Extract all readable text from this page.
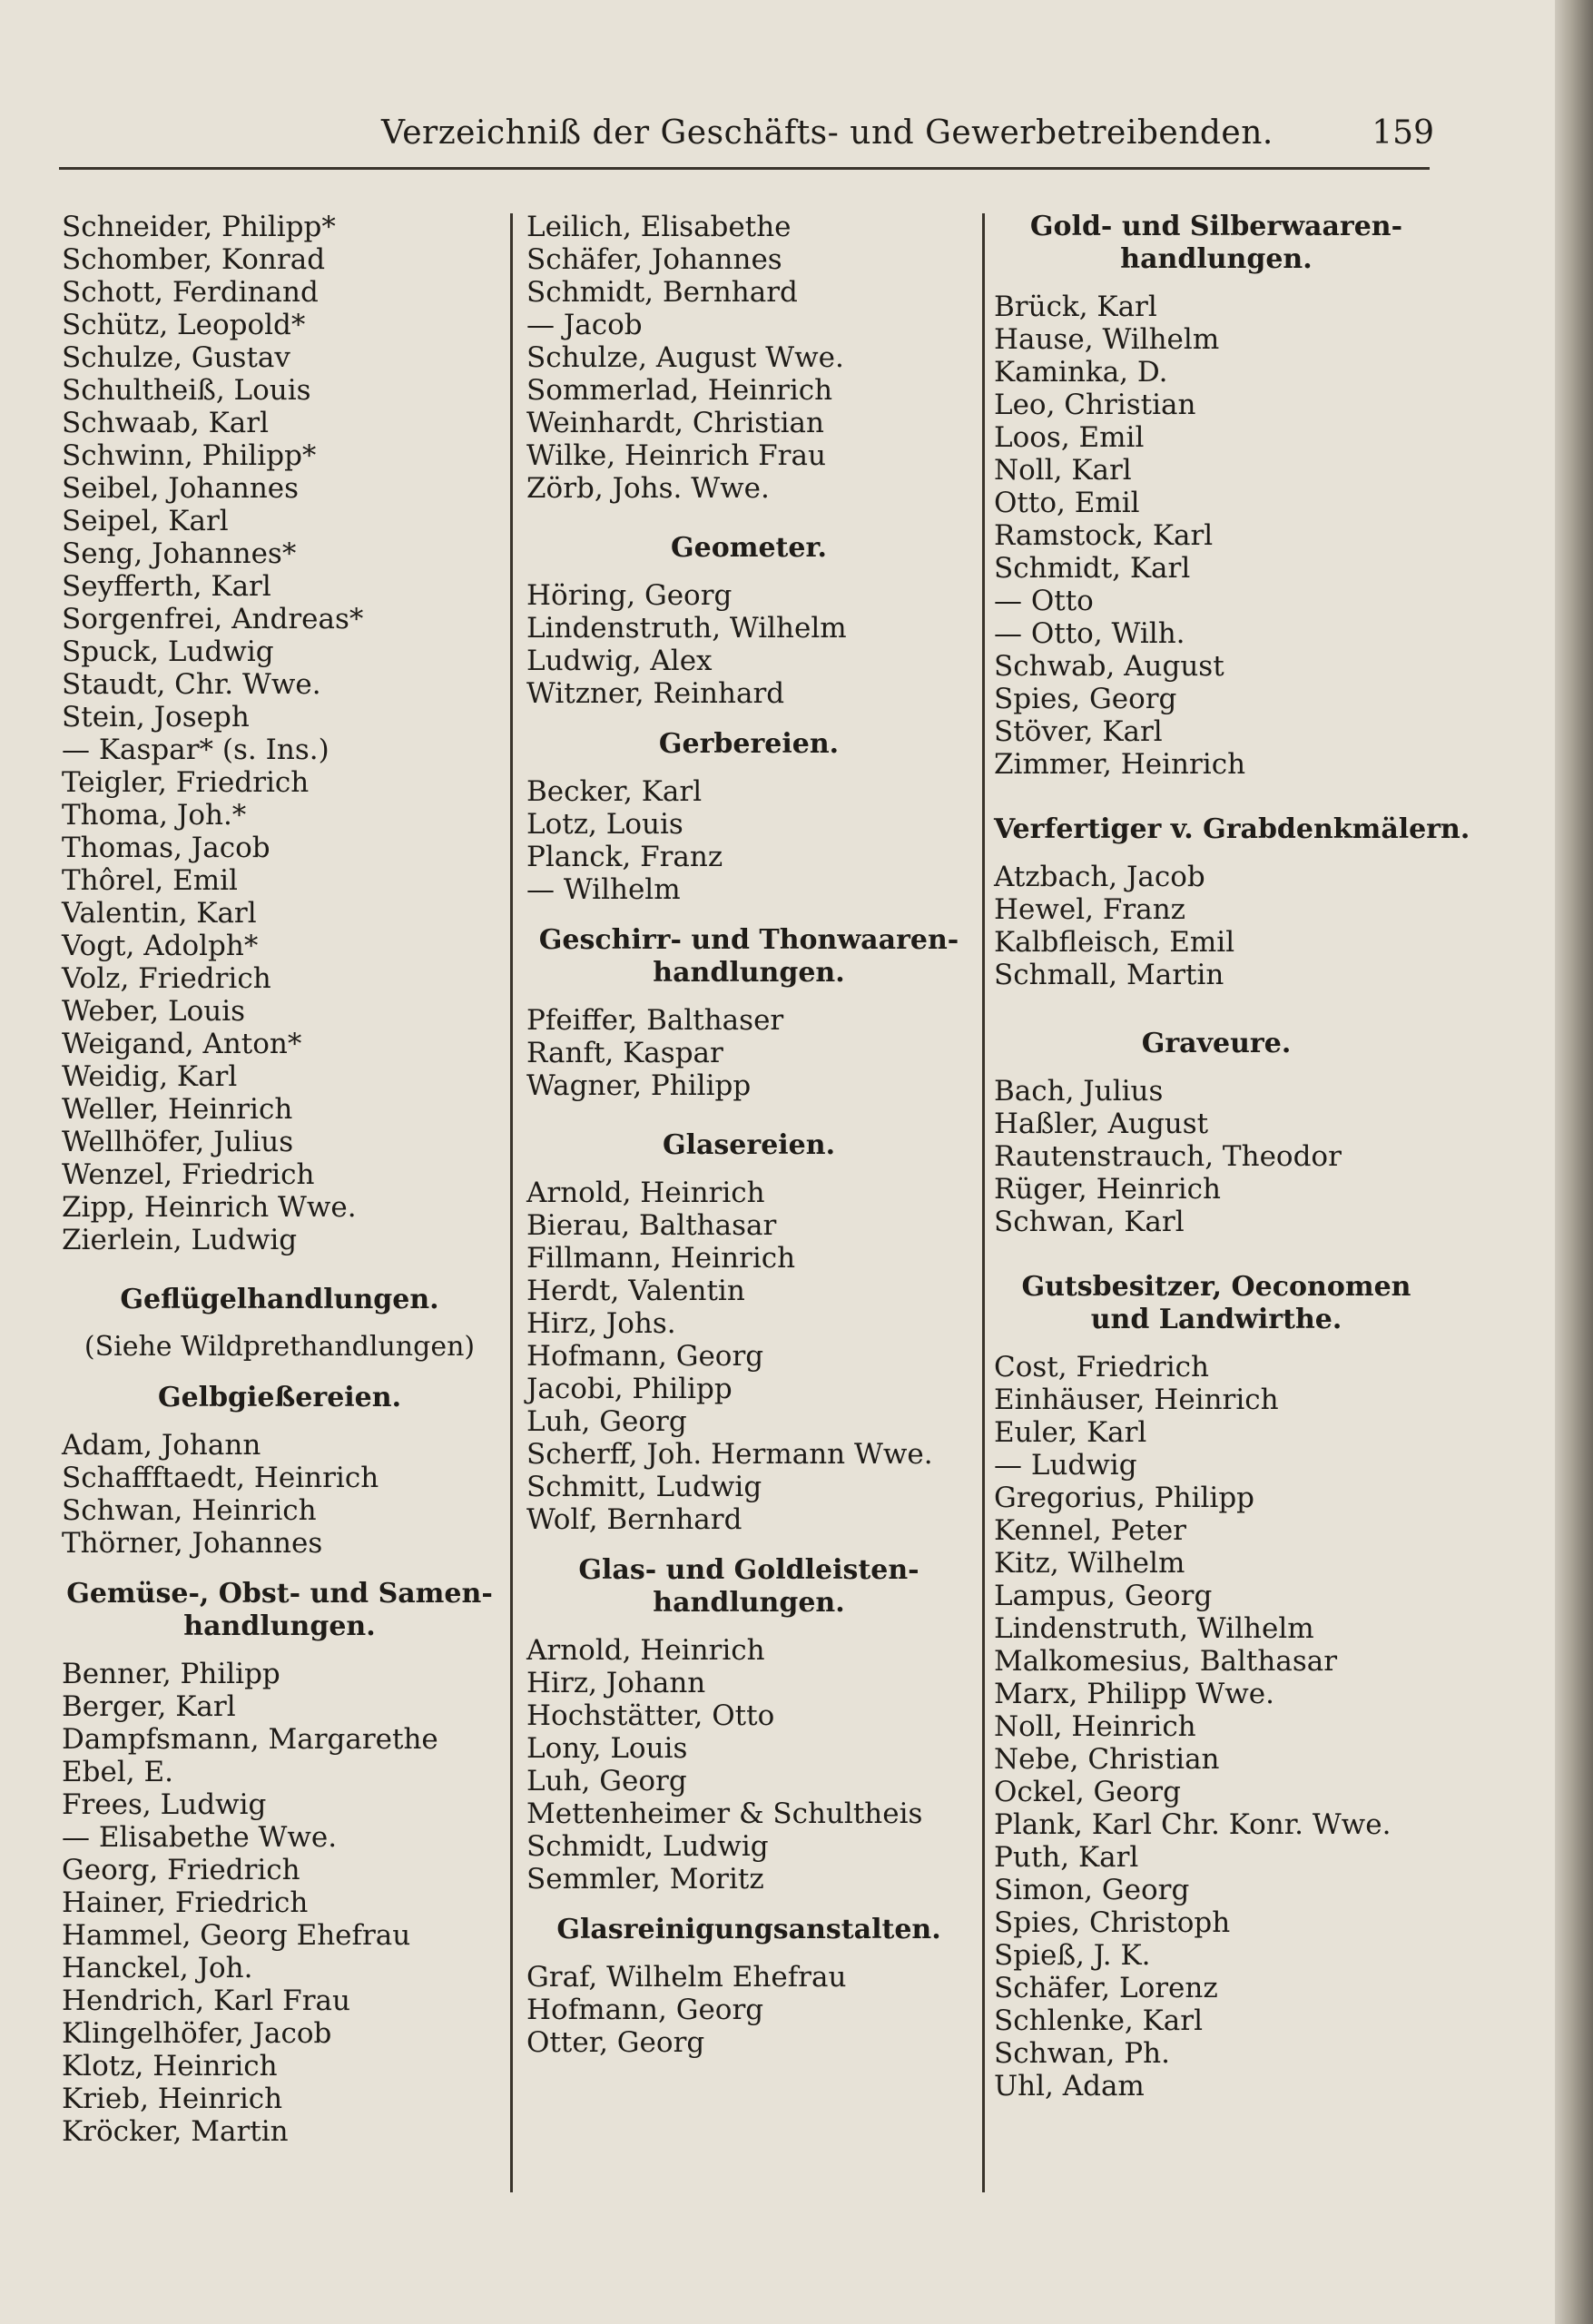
Verzeichniß der Geschäfts- und Gewerbetreibenden.	159
Schneider, Philipp*
Schomber, Konrad
Schott, Ferdinand
Schütz, Leopold*
Schulze, Gustav
Schultheiß, Louis
Schwaab, Karl
Schwinn, Philipp*
Seibel, Johannes
Seipel, Karl
Seng, Johannes*
Seyfferth, Karl
Sorgenfrei, Andreas*
Spuck, Ludwig
Staudt, Chr. Wwe.
Stein, Joseph
— Kaspar* (s. Ins.)
Teigler, Friedrich
Thoma, Joh.*
Thomas, Jacob
Thôrel, Emil
Valentin, Karl
Vogt, Adolph*
Volz, Friedrich
Weber, Louis
Weigand, Anton*
Weidig, Karl
Weller, Heinrich
Wellhöfer, Julius
Wenzel, Friedrich
Zipp, Heinrich Wwe.
Zierlein, Ludwig
Geflügelhandlungen.
(Siehe Wildprethandlungen)
Gelbgießereien.
Adam, Johann
Schaffftaedt, Heinrich
Schwan, Heinrich
Thörner, Johannes
Gemüse-, Obst- und Samen-
handlungen.
Benner, Philipp
Berger, Karl
Dampfsmann, Margarethe
Ebel, E.
Frees, Ludwig
— Elisabethe Wwe.
Georg, Friedrich
Hainer, Friedrich
Hammel, Georg Ehefrau
Hanckel, Joh.
Hendrich, Karl Frau
Klingelhöfer, Jacob
Klotz, Heinrich
Krieb, Heinrich
Kröcker, Martin
Leilich, Elisabethe
Schäfer, Johannes
Schmidt, Bernhard
— Jacob
Schulze, August Wwe.
Sommerlad, Heinrich
Weinhardt, Christian
Wilke, Heinrich Frau
Zörb, Johs. Wwe.
Geometer.
Höring, Georg
Lindenstruth, Wilhelm
Ludwig, Alex
Witzner, Reinhard
Gerbereien.
Becker, Karl
Lotz, Louis
Planck, Franz
— Wilhelm
Geschirr- und Thonwaaren-
handlungen.
Pfeiffer, Balthaser
Ranft, Kaspar
Wagner, Philipp
Glasereien.
Arnold, Heinrich
Bierau, Balthasar
Fillmann, Heinrich
Herdt, Valentin
Hirz, Johs.
Hofmann, Georg
Jacobi, Philipp
Luh, Georg
Scherff, Joh. Hermann Wwe.
Schmitt, Ludwig
Wolf, Bernhard
Glas- und Goldleisten-
handlungen.
Arnold, Heinrich
Hirz, Johann
Hochstätter, Otto
Lony, Louis
Luh, Georg
Mettenheimer & Schultheis
Schmidt, Ludwig
Semmler, Moritz
Glasreinigungsanstalten.
Graf, Wilhelm Ehefrau
Hofmann, Georg
Otter, Georg
Gold- und Silberwaaren-
handlungen.
Brück, Karl
Hause, Wilhelm
Kaminka, D.
Leo, Christian
Loos, Emil
Noll, Karl
Otto, Emil
Ramstock, Karl
Schmidt, Karl
— Otto
— Otto, Wilh.
Schwab, August
Spies, Georg
Stöver, Karl
Zimmer, Heinrich
Verfertiger v. Grabdenkmälern.
Atzbach, Jacob
Hewel, Franz
Kalbfleisch, Emil
Schmall, Martin
Graveure.
Bach, Julius
Haßler, August
Rautenstrauch, Theodor
Rüger, Heinrich
Schwan, Karl
Gutsbesitzer, Oeconomen
und Landwirthe.
Cost, Friedrich
Einhäuser, Heinrich
Euler, Karl
— Ludwig
Gregorius, Philipp
Kennel, Peter
Kitz, Wilhelm
Lampus, Georg
Lindenstruth, Wilhelm
Malkomesius, Balthasar
Marx, Philipp Wwe.
Noll, Heinrich
Nebe, Christian
Ockel, Georg
Plank, Karl Chr. Konr. Wwe.
Puth, Karl
Simon, Georg
Spies, Christoph
Spieß, J. K.
Schäfer, Lorenz
Schlenke, Karl
Schwan, Ph.
Uhl, Adam
